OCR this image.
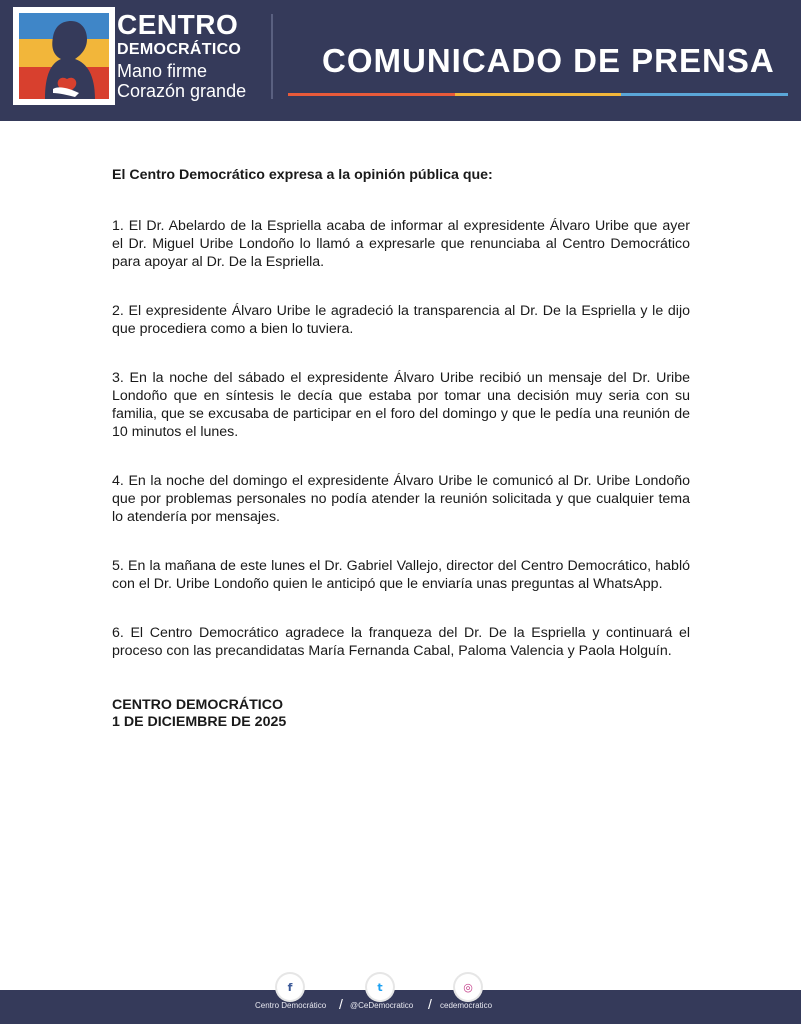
CENTRO
DEMOCRÁTICO
Mano firme
Corazón grande
COMUNICADO DE PRENSA

El Centro Democrático expresa a la opinión pública que:

1. El Dr. Abelardo de la Espriella acaba de informar al expresidente Álvaro Uribe que ayer el Dr. Miguel Uribe Londoño lo llamó a expresarle que renunciaba al Centro Democrático para apoyar al Dr. De la Espriella.

2. El expresidente Álvaro Uribe le agradeció la transparencia al Dr. De la Espriella y le dijo que procediera como a bien lo tuviera.

3. En la noche del sábado el expresidente Álvaro Uribe recibió un mensaje del Dr. Uribe Londoño que en síntesis le decía que estaba por tomar una decisión muy seria con su familia, que se excusaba de participar en el foro del domingo y que le pedía una reunión de 10 minutos el lunes.

4. En la noche del domingo el expresidente Álvaro Uribe le comunicó al Dr. Uribe Londoño que por problemas personales no podía atender la reunión solicitada y que cualquier tema lo atendería por mensajes.

5. En la mañana de este lunes el Dr. Gabriel Vallejo, director del Centro Democrático, habló con el Dr. Uribe Londoño quien le anticipó que le enviaría unas preguntas al WhatsApp.

6. El Centro Democrático agradece la franqueza del Dr. De la Espriella y continuará el proceso con las precandidatas María Fernanda Cabal, Paloma Valencia y Paola Holguín.

CENTRO DEMOCRÁTICO
1 DE DICIEMBRE DE 2025
f
Centro Democrático /
t
@CeDemocratico /
◎
cedemocratico
